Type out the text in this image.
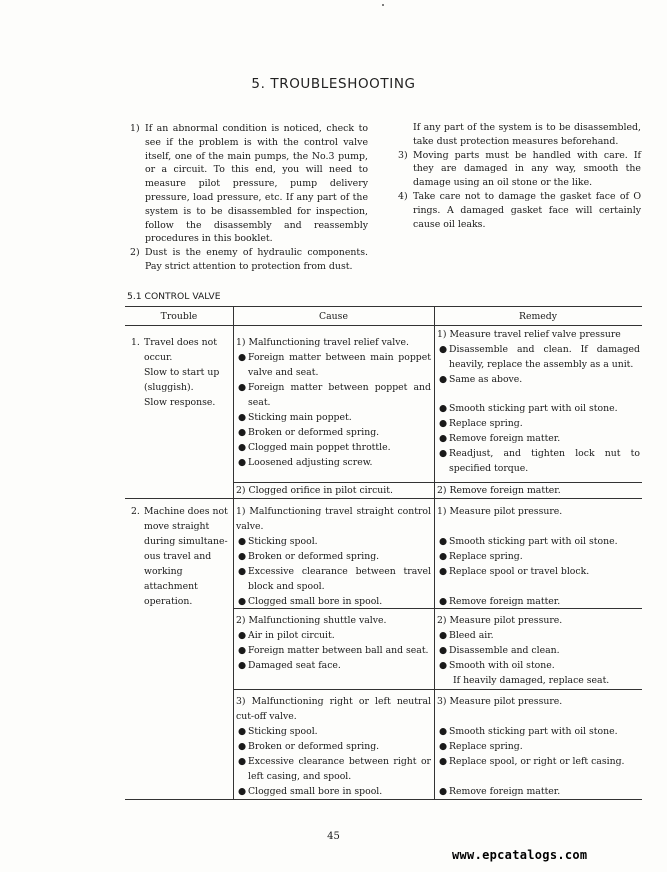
5. TROUBLESHOOTING
1) If an abnormal condition is noticed, check to see if the problem is with the control valve itself, one of the main pumps, the No.3 pump, or a circuit. To this end, you will need to measure pilot pressure, pump delivery pressure, load pressure, etc. If any part of the system is to be disassembled for inspection, follow the disassembly and reassembly procedures in this booklet.
2) Dust is the enemy of hydraulic components. Pay strict attention to protection from dust.
If any part of the system is to be disassembled, take dust protection measures beforehand.
3) Moving parts must be handled with care. If they are damaged in any way, smooth the damage using an oil stone or the like.
4) Take care not to damage the gasket face of O rings. A damaged gasket face will certainly cause oil leaks.
5.1 CONTROL VALVE
Trouble	Cause	Remedy
1. Travel does not
occur.
Slow to start up
(sluggish).
Slow response.
2. Machine does not
move straight
during simultane-
ous travel and
working
attachment
operation.
1) Malfunctioning travel relief valve.
● Foreign matter between main poppet valve and seat.
● Foreign matter between poppet and seat.
● Sticking main poppet.
● Broken or deformed spring.
● Clogged main poppet throttle.
● Loosened adjusting screw.
2) Clogged orifice in pilot circuit.
1) Malfunctioning travel straight control valve.
● Sticking spool.
● Broken or deformed spring.
● Excessive clearance between travel block and spool.
● Clogged small bore in spool.
2) Malfunctioning shuttle valve.
● Air in pilot circuit.
● Foreign matter between ball and seat.
● Damaged seat face.
3) Malfunctioning right or left neutral cut-off valve.
● Sticking spool.
● Broken or deformed spring.
● Excessive clearance between right or left casing, and spool.
● Clogged small bore in spool.
1) Measure travel relief valve pressure
● Disassemble and clean. If damaged heavily, replace the assembly as a unit.
● Same as above.
● Smooth sticking part with oil stone.
● Replace spring.
● Remove foreign matter.
● Readjust, and tighten lock nut to specified torque.
2) Remove foreign matter.
1) Measure pilot pressure.
● Smooth sticking part with oil stone.
● Replace spring.
● Replace spool or travel block.
● Remove foreign matter.
2) Measure pilot pressure.
● Bleed air.
● Disassemble and clean.
● Smooth with oil stone.
If heavily damaged, replace seat.
3) Measure pilot pressure.
● Smooth sticking part with oil stone.
● Replace spring.
● Replace spool, or right or left casing.
● Remove foreign matter.
45
www.epcatalogs.com
